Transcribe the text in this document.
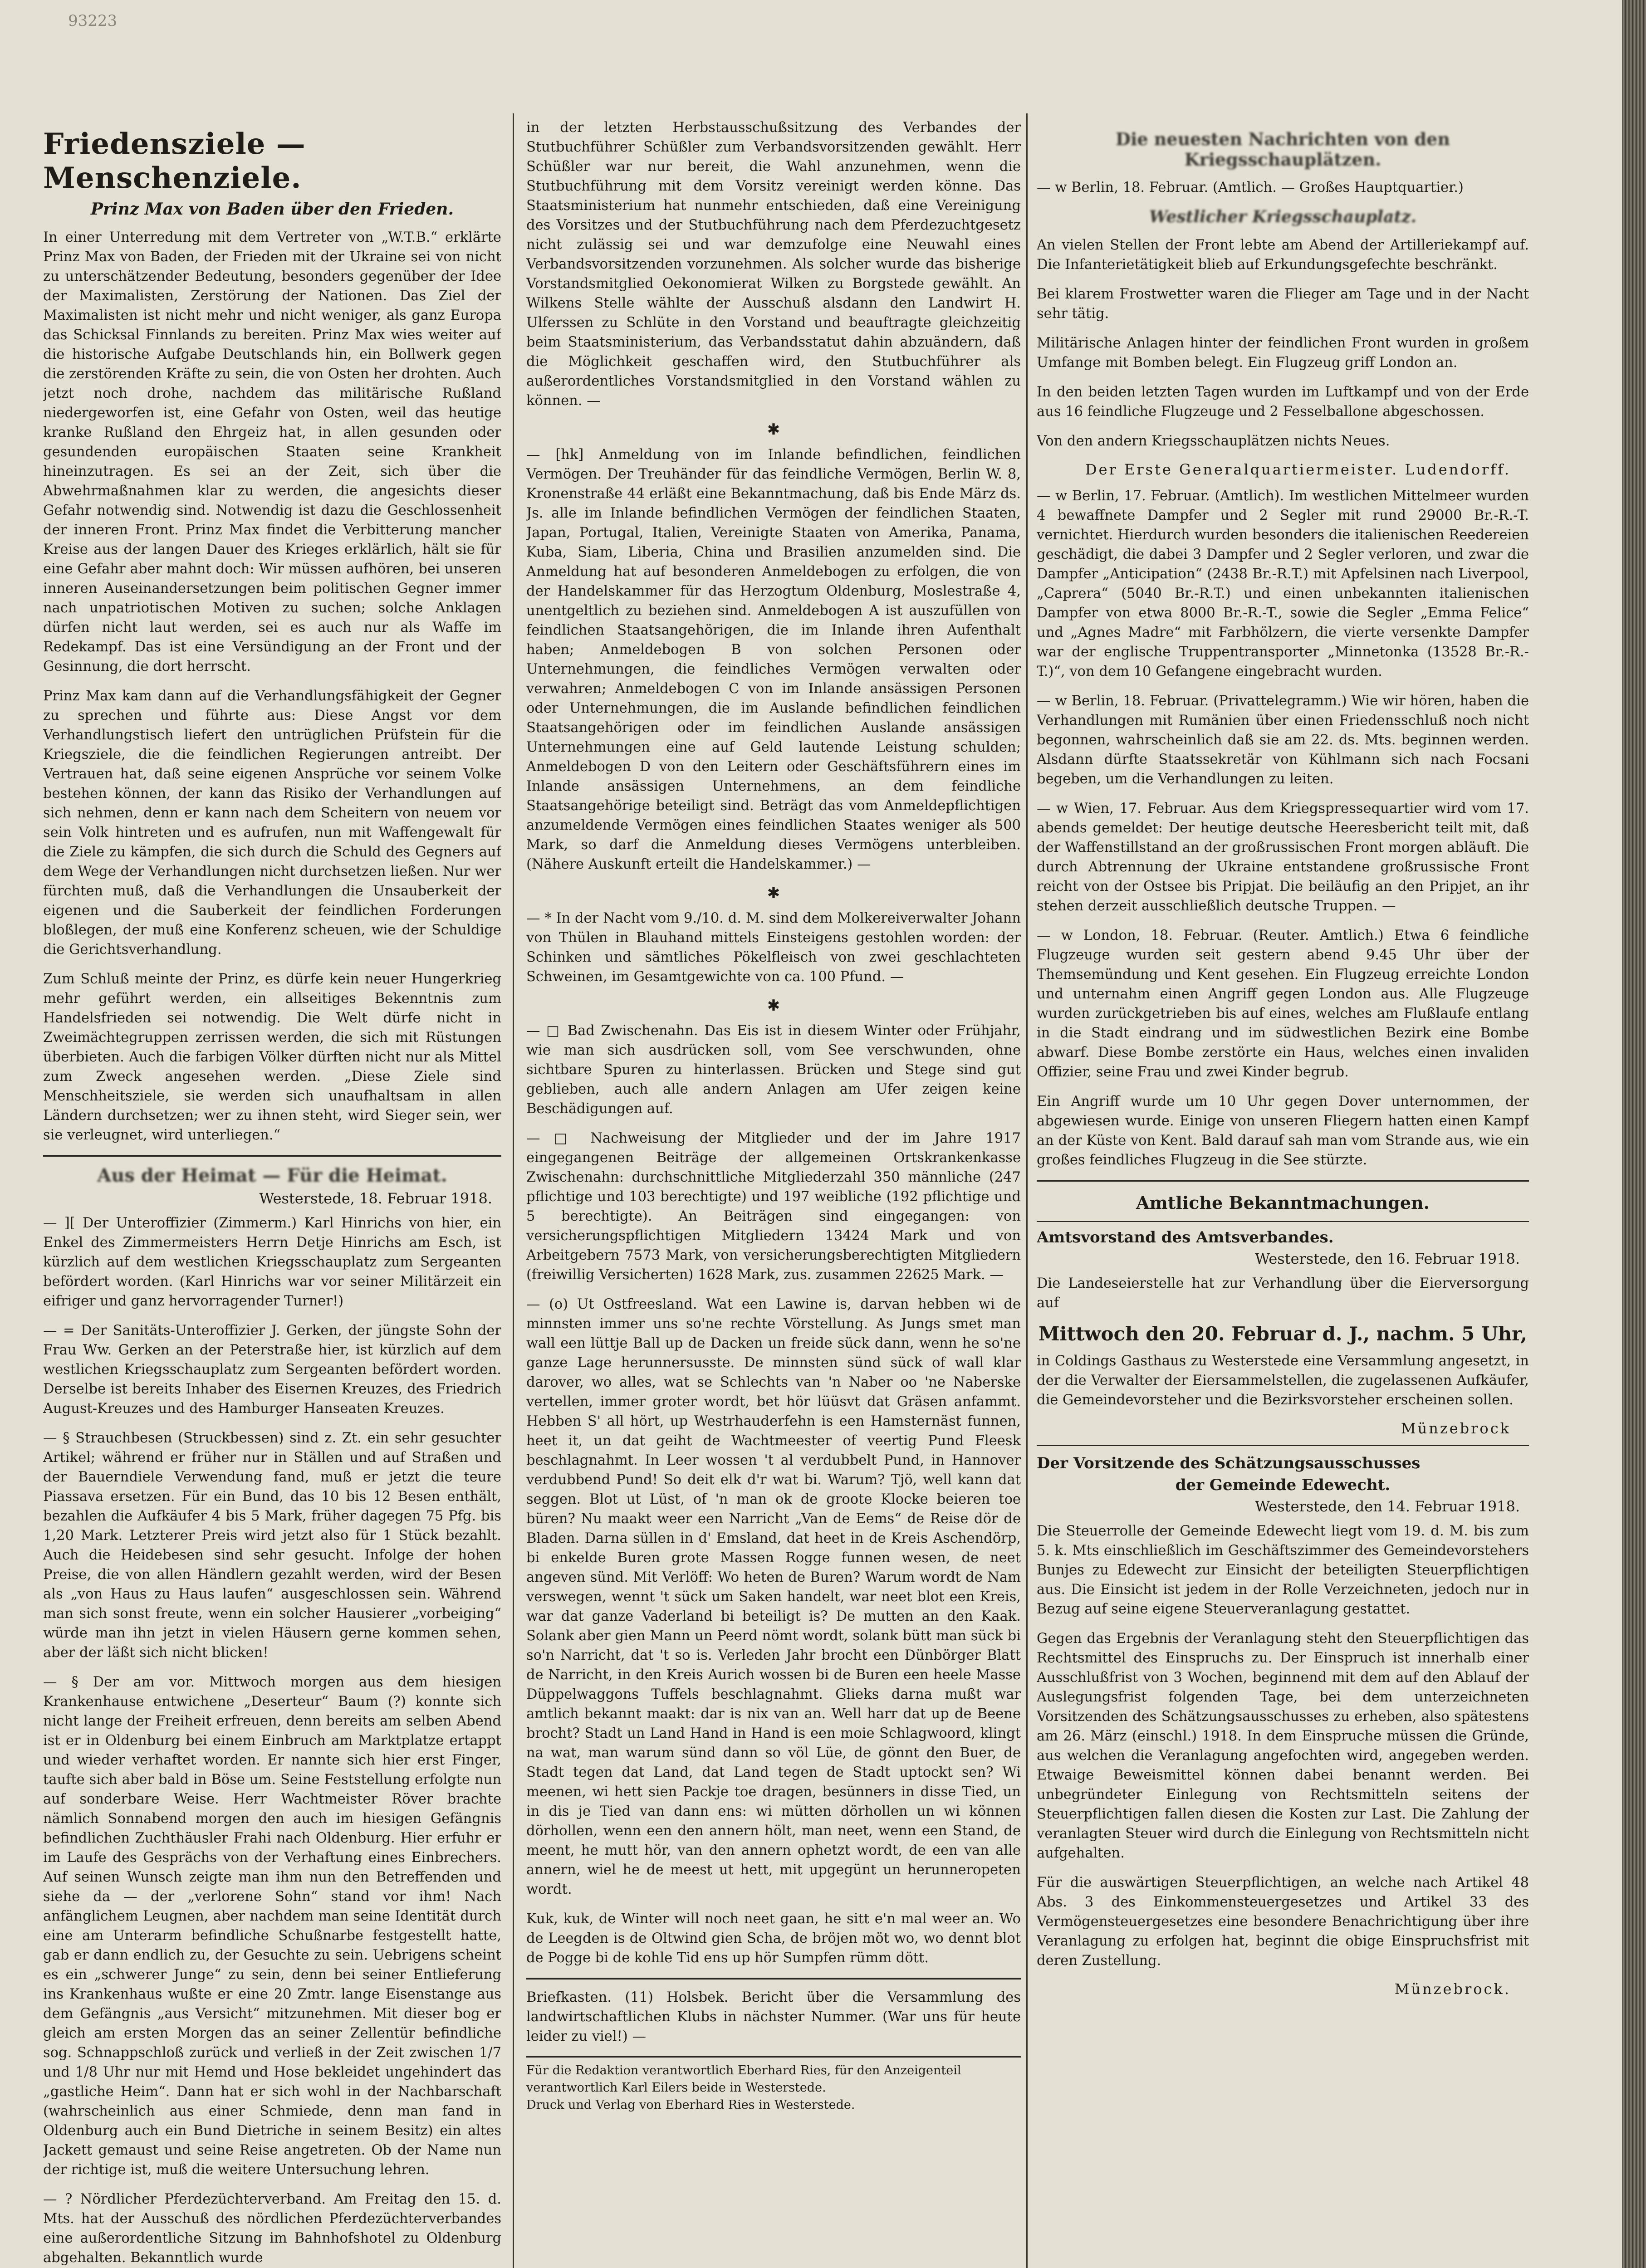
93223
Friedensziele — Menschenziele.
Prinz Max von Baden über den Frieden.

In einer Unterredung mit dem Vertreter von „W.T.B.“ erklärte Prinz Max von Baden, der Frieden mit der Ukraine sei von nicht zu unterschätzender Bedeutung, besonders gegenüber der Idee der Maximalisten, Zerstörung der Nationen. Das Ziel der Maximalisten ist nicht mehr und nicht weniger, als ganz Europa das Schicksal Finnlands zu bereiten. Prinz Max wies weiter auf die historische Aufgabe Deutschlands hin, ein Bollwerk gegen die zerstörenden Kräfte zu sein, die von Osten her drohten. Auch jetzt noch drohe, nachdem das militärische Rußland niedergeworfen ist, eine Gefahr von Osten, weil das heutige kranke Rußland den Ehrgeiz hat, in allen gesunden oder gesundenden europäischen Staaten seine Krankheit hineinzutragen. Es sei an der Zeit, sich über die Abwehrmaßnahmen klar zu werden, die angesichts dieser Gefahr notwendig sind. Notwendig ist dazu die Geschlossenheit der inneren Front. Prinz Max findet die Verbitterung mancher Kreise aus der langen Dauer des Krieges erklärlich, hält sie für eine Gefahr aber mahnt doch: Wir müssen aufhören, bei unseren inneren Auseinandersetzungen beim politischen Gegner immer nach unpatriotischen Motiven zu suchen; solche Anklagen dürfen nicht laut werden, sei es auch nur als Waffe im Redekampf. Das ist eine Versündigung an der Front und der Gesinnung, die dort herrscht.

Prinz Max kam dann auf die Verhandlungsfähigkeit der Gegner zu sprechen und führte aus: Diese Angst vor dem Verhandlungstisch liefert den untrüglichen Prüfstein für die Kriegsziele, die die feindlichen Regierungen antreibt. Der Vertrauen hat, daß seine eigenen Ansprüche vor seinem Volke bestehen können, der kann das Risiko der Verhandlungen auf sich nehmen, denn er kann nach dem Scheitern von neuem vor sein Volk hintreten und es aufrufen, nun mit Waffengewalt für die Ziele zu kämpfen, die sich durch die Schuld des Gegners auf dem Wege der Verhandlungen nicht durchsetzen ließen. Nur wer fürchten muß, daß die Verhandlungen die Unsauberkeit der eigenen und die Sauberkeit der feindlichen Forderungen bloßlegen, der muß eine Konferenz scheuen, wie der Schuldige die Gerichtsverhandlung.

Zum Schluß meinte der Prinz, es dürfe kein neuer Hungerkrieg mehr geführt werden, ein allseitiges Bekenntnis zum Handelsfrieden sei notwendig. Die Welt dürfe nicht in Zweimächtegruppen zerrissen werden, die sich mit Rüstungen überbieten. Auch die farbigen Völker dürften nicht nur als Mittel zum Zweck angesehen werden. „Diese Ziele sind Menschheitsziele, sie werden sich unaufhaltsam in allen Ländern durchsetzen; wer zu ihnen steht, wird Sieger sein, wer sie verleugnet, wird unterliegen.“

Aus der Heimat — Für die Heimat.
Westerstede, 18. Februar 1918.

— ][ Der Unteroffizier (Zimmerm.) Karl Hinrichs von hier, ein Enkel des Zimmermeisters Herrn Detje Hinrichs am Esch, ist kürzlich auf dem westlichen Kriegsschauplatz zum Sergeanten befördert worden. (Karl Hinrichs war vor seiner Militärzeit ein eifriger und ganz hervorragender Turner!)

— = Der Sanitäts-Unteroffizier J. Gerken, der jüngste Sohn der Frau Ww. Gerken an der Peterstraße hier, ist kürzlich auf dem westlichen Kriegsschauplatz zum Sergeanten befördert worden. Derselbe ist bereits Inhaber des Eisernen Kreuzes, des Friedrich August-Kreuzes und des Hamburger Hanseaten Kreuzes.

— § Strauchbesen (Struckbessen) sind z. Zt. ein sehr gesuchter Artikel; während er früher nur in Ställen und auf Straßen und der Bauerndiele Verwendung fand, muß er jetzt die teure Piassava ersetzen. Für ein Bund, das 10 bis 12 Besen enthält, bezahlen die Aufkäufer 4 bis 5 Mark, früher dagegen 75 Pfg. bis 1,20 Mark. Letzterer Preis wird jetzt also für 1 Stück bezahlt. Auch die Heidebesen sind sehr gesucht. Infolge der hohen Preise, die von allen Händlern gezahlt werden, wird der Besen als „von Haus zu Haus laufen“ ausgeschlossen sein. Während man sich sonst freute, wenn ein solcher Hausierer „vorbeiging“ würde man ihn jetzt in vielen Häusern gerne kommen sehen, aber der läßt sich nicht blicken!

— § Der am vor. Mittwoch morgen aus dem hiesigen Krankenhause entwichene „Deserteur“ Baum (?) konnte sich nicht lange der Freiheit erfreuen, denn bereits am selben Abend ist er in Oldenburg bei einem Einbruch am Marktplatze ertappt und wieder verhaftet worden. Er nannte sich hier erst Finger, taufte sich aber bald in Böse um. Seine Feststellung erfolgte nun auf sonderbare Weise. Herr Wachtmeister Röver brachte nämlich Sonnabend morgen den auch im hiesigen Gefängnis befindlichen Zuchthäusler Frahi nach Oldenburg. Hier erfuhr er im Laufe des Gesprächs von der Verhaftung eines Einbrechers. Auf seinen Wunsch zeigte man ihm nun den Betreffenden und siehe da — der „verlorene Sohn“ stand vor ihm! Nach anfänglichem Leugnen, aber nachdem man seine Identität durch eine am Unterarm befindliche Schußnarbe festgestellt hatte, gab er dann endlich zu, der Gesuchte zu sein. Uebrigens scheint es ein „schwerer Junge“ zu sein, denn bei seiner Entlieferung ins Krankenhaus wußte er eine 20 Zmtr. lange Eisenstange aus dem Gefängnis „aus Versicht“ mitzunehmen. Mit dieser bog er gleich am ersten Morgen das an seiner Zellentür befindliche sog. Schnappschloß zurück und verließ in der Zeit zwischen 1/7 und 1/8 Uhr nur mit Hemd und Hose bekleidet ungehindert das „gastliche Heim“. Dann hat er sich wohl in der Nachbarschaft (wahrscheinlich aus einer Schmiede, denn man fand in Oldenburg auch ein Bund Dietriche in seinem Besitz) ein altes Jackett gemaust und seine Reise angetreten. Ob der Name nun der richtige ist, muß die weitere Untersuchung lehren.

— ? Nördlicher Pferdezüchterverband. Am Freitag den 15. d. Mts. hat der Ausschuß des nördlichen Pferdezüchterverbandes eine außerordentliche Sitzung im Bahnhofshotel zu Oldenburg abgehalten. Bekanntlich wurde

in der letzten Herbstausschußsitzung des Verbandes der Stutbuchführer Schüßler zum Verbandsvorsitzenden gewählt. Herr Schüßler war nur bereit, die Wahl anzunehmen, wenn die Stutbuchführung mit dem Vorsitz vereinigt werden könne. Das Staatsministerium hat nunmehr entschieden, daß eine Vereinigung des Vorsitzes und der Stutbuchführung nach dem Pferdezuchtgesetz nicht zulässig sei und war demzufolge eine Neuwahl eines Verbandsvorsitzenden vorzunehmen. Als solcher wurde das bisherige Vorstandsmitglied Oekonomierat Wilken zu Borgstede gewählt. An Wilkens Stelle wählte der Ausschuß alsdann den Landwirt H. Ulferssen zu Schlüte in den Vorstand und beauftragte gleichzeitig beim Staatsministerium, das Verbandsstatut dahin abzuändern, daß die Möglichkeit geschaffen wird, den Stutbuchführer als außerordentliches Vorstandsmitglied in den Vorstand wählen zu können. —

✱

— [hk] Anmeldung von im Inlande befindlichen, feindlichen Vermögen. Der Treuhänder für das feindliche Vermögen, Berlin W. 8, Kronenstraße 44 erläßt eine Bekanntmachung, daß bis Ende März ds. Js. alle im Inlande befindlichen Vermögen der feindlichen Staaten, Japan, Portugal, Italien, Vereinigte Staaten von Amerika, Panama, Kuba, Siam, Liberia, China und Brasilien anzumelden sind. Die Anmeldung hat auf besonderen Anmeldebogen zu erfolgen, die von der Handelskammer für das Herzogtum Oldenburg, Moslestraße 4, unentgeltlich zu beziehen sind. Anmeldebogen A ist auszufüllen von feindlichen Staatsangehörigen, die im Inlande ihren Aufenthalt haben; Anmeldebogen B von solchen Personen oder Unternehmungen, die feindliches Vermögen verwalten oder verwahren; Anmeldebogen C von im Inlande ansässigen Personen oder Unternehmungen, die im Auslande befindlichen feindlichen Staatsangehörigen oder im feindlichen Auslande ansässigen Unternehmungen eine auf Geld lautende Leistung schulden; Anmeldebogen D von den Leitern oder Geschäftsführern eines im Inlande ansässigen Unternehmens, an dem feindliche Staatsangehörige beteiligt sind. Beträgt das vom Anmeldepflichtigen anzumeldende Vermögen eines feindlichen Staates weniger als 500 Mark, so darf die Anmeldung dieses Vermögens unterbleiben. (Nähere Auskunft erteilt die Handelskammer.) —

✱

— * In der Nacht vom 9./10. d. M. sind dem Molkereiverwalter Johann von Thülen in Blauhand mittels Einsteigens gestohlen worden: der Schinken und sämtliches Pökelfleisch von zwei geschlachteten Schweinen, im Gesamtgewichte von ca. 100 Pfund. —

✱

— □ Bad Zwischenahn. Das Eis ist in diesem Winter oder Frühjahr, wie man sich ausdrücken soll, vom See verschwunden, ohne sichtbare Spuren zu hinterlassen. Brücken und Stege sind gut geblieben, auch alle andern Anlagen am Ufer zeigen keine Beschädigungen auf.

— □ Nachweisung der Mitglieder und der im Jahre 1917 eingegangenen Beiträge der allgemeinen Ortskrankenkasse Zwischenahn: durchschnittliche Mitgliederzahl 350 männliche (247 pflichtige und 103 berechtigte) und 197 weibliche (192 pflichtige und 5 berechtigte). An Beiträgen sind eingegangen: von versicherungspflichtigen Mitgliedern 13424 Mark und von Arbeitgebern 7573 Mark, von versicherungsberechtigten Mitgliedern (freiwillig Versicherten) 1628 Mark, zus. zusammen 22625 Mark. —

— (o) Ut Ostfreesland. Wat een Lawine is, darvan hebben wi de minnsten immer uns so'ne rechte Vörstellung. As Jungs smet man wall een lüttje Ball up de Dacken un freide sück dann, wenn he so'ne ganze Lage herunnersusste. De minnsten sünd sück of wall klar darover, wo alles, wat se Schlechts van 'n Naber oo 'ne Naberske vertellen, immer groter wordt, bet hör lüüsvt dat Gräsen anfammt. Hebben S' all hört, up Westrhauderfehn is een Hamsternäst funnen, heet it, un dat geiht de Wachtmeester of veertig Pund Fleesk beschlagnahmt. In Leer wossen 't al verdubbelt Pund, in Hannover verdubbend Pund! So deit elk d'r wat bi. Warum? Tjö, well kann dat seggen. Blot ut Lüst, of 'n man ok de groote Klocke beieren toe büren? Nu maakt weer een Narricht „Van de Eems“ de Reise dör de Bladen. Darna süllen in d' Emsland, dat heet in de Kreis Aschendörp, bi enkelde Buren grote Massen Rogge funnen wesen, de neet angeven sünd. Mit Verlöff: Wo heten de Buren? Warum wordt de Nam verswegen, wennt 't sück um Saken handelt, war neet blot een Kreis, war dat ganze Vaderland bi beteiligt is? De mutten an den Kaak. Solank aber gien Mann un Peerd nömt wordt, solank bütt man sück bi so'n Narricht, dat 't so is. Verleden Jahr brocht een Dünbörger Blatt de Narricht, in den Kreis Aurich wossen bi de Buren een heele Masse Düppelwaggons Tuffels beschlagnahmt. Glieks darna mußt war amtlich bekannt maakt: dar is nix van an. Well harr dat up de Beene brocht? Stadt un Land Hand in Hand is een moie Schlagwoord, klingt na wat, man warum sünd dann so völ Lüe, de gönnt den Buer, de Stadt tegen dat Land, dat Land tegen de Stadt uptockt sen? Wi meenen, wi hett sien Packje toe dragen, besünners in disse Tied, un in dis je Tied van dann ens: wi mütten dörhollen un wi können dörhollen, wenn een den annern hölt, man neet, wenn een Stand, de meent, he mutt hör, van den annern ophetzt wordt, de een van alle annern, wiel he de meest ut hett, mit upgegünt un herunneropeten wordt.

Kuk, kuk, de Winter will noch neet gaan, he sitt e'n mal weer an. Wo de Leegden is de Oltwind gien Scha, de bröjen möt wo, wo dennt blot de Pogge bi de kohle Tid ens up hör Sumpfen rümm dött.

Briefkasten. (11) Holsbek. Bericht über die Versammlung des landwirtschaftlichen Klubs in nächster Nummer. (War uns für heute leider zu viel!) —

Für die Redaktion verantwortlich Eberhard Ries, für den Anzeigenteil verantwortlich Karl Eilers beide in Westerstede.
Druck und Verlag von Eberhard Ries in Westerstede.
Die neuesten Nachrichten von den Kriegsschauplätzen.

— w Berlin, 18. Februar. (Amtlich. — Großes Hauptquartier.)

Westlicher Kriegsschauplatz.

An vielen Stellen der Front lebte am Abend der Artilleriekampf auf. Die Infanterietätigkeit blieb auf Erkundungsgefechte beschränkt.

Bei klarem Frostwetter waren die Flieger am Tage und in der Nacht sehr tätig.

Militärische Anlagen hinter der feindlichen Front wurden in großem Umfange mit Bomben belegt. Ein Flugzeug griff London an.

In den beiden letzten Tagen wurden im Luftkampf und von der Erde aus 16 feindliche Flugzeuge und 2 Fesselballone abgeschossen.

Von den andern Kriegsschauplätzen nichts Neues.

Der Erste Generalquartiermeister. Ludendorff.

— w Berlin, 17. Februar. (Amtlich). Im westlichen Mittelmeer wurden 4 bewaffnete Dampfer und 2 Segler mit rund 29000 Br.-R.-T. vernichtet. Hierdurch wurden besonders die italienischen Reedereien geschädigt, die dabei 3 Dampfer und 2 Segler verloren, und zwar die Dampfer „Anticipation“ (2438 Br.-R.T.) mit Apfelsinen nach Liverpool, „Caprera“ (5040 Br.-R.T.) und einen unbekannten italienischen Dampfer von etwa 8000 Br.-R.-T., sowie die Segler „Emma Felice“ und „Agnes Madre“ mit Farbhölzern, die vierte versenkte Dampfer war der englische Truppentransporter „Minnetonka (13528 Br.-R.-T.)“, von dem 10 Gefangene eingebracht wurden.

— w Berlin, 18. Februar. (Privattelegramm.) Wie wir hören, haben die Verhandlungen mit Rumänien über einen Friedensschluß noch nicht begonnen, wahrscheinlich daß sie am 22. ds. Mts. beginnen werden. Alsdann dürfte Staatssekretär von Kühlmann sich nach Focsani begeben, um die Verhandlungen zu leiten.

— w Wien, 17. Februar. Aus dem Kriegspressequartier wird vom 17. abends gemeldet: Der heutige deutsche Heeresbericht teilt mit, daß der Waffenstillstand an der großrussischen Front morgen abläuft. Die durch Abtrennung der Ukraine entstandene großrussische Front reicht von der Ostsee bis Pripjat. Die beiläufig an den Pripjet, an ihr stehen derzeit ausschließlich deutsche Truppen. —

— w London, 18. Februar. (Reuter. Amtlich.) Etwa 6 feindliche Flugzeuge wurden seit gestern abend 9.45 Uhr über der Themsemündung und Kent gesehen. Ein Flugzeug erreichte London und unternahm einen Angriff gegen London aus. Alle Flugzeuge wurden zurückgetrieben bis auf eines, welches am Flußlaufe entlang in die Stadt eindrang und im südwestlichen Bezirk eine Bombe abwarf. Diese Bombe zerstörte ein Haus, welches einen invaliden Offizier, seine Frau und zwei Kinder begrub.

Ein Angriff wurde um 10 Uhr gegen Dover unternommen, der abgewiesen wurde. Einige von unseren Fliegern hatten einen Kampf an der Küste von Kent. Bald darauf sah man vom Strande aus, wie ein großes feindliches Flugzeug in die See stürzte.

Amtliche Bekanntmachungen.
Amtsvorstand des Amtsverbandes.
Westerstede, den 16. Februar 1918.

Die Landeseierstelle hat zur Verhandlung über die Eierversorgung auf

Mittwoch den 20. Februar d. J., nachm. 5 Uhr,

in Coldings Gasthaus zu Westerstede eine Versammlung angesetzt, in der die Verwalter der Eiersammelstellen, die zugelassenen Aufkäufer, die Gemeindevorsteher und die Bezirksvorsteher erscheinen sollen.

Münzebrock
Der Vorsitzende des Schätzungsausschusses
der Gemeinde Edewecht.
Westerstede, den 14. Februar 1918.

Die Steuerrolle der Gemeinde Edewecht liegt vom 19. d. M. bis zum 5. k. Mts einschließlich im Geschäftszimmer des Gemeindevorstehers Bunjes zu Edewecht zur Einsicht der beteiligten Steuerpflichtigen aus. Die Einsicht ist jedem in der Rolle Verzeichneten, jedoch nur in Bezug auf seine eigene Steuerveranlagung gestattet.

Gegen das Ergebnis der Veranlagung steht den Steuerpflichtigen das Rechtsmittel des Einspruchs zu. Der Einspruch ist innerhalb einer Ausschlußfrist von 3 Wochen, beginnend mit dem auf den Ablauf der Auslegungsfrist folgenden Tage, bei dem unterzeichneten Vorsitzenden des Schätzungsausschusses zu erheben, also spätestens am 26. März (einschl.) 1918. In dem Einspruche müssen die Gründe, aus welchen die Veranlagung angefochten wird, angegeben werden. Etwaige Beweismittel können dabei benannt werden. Bei unbegründeter Einlegung von Rechtsmitteln seitens der Steuerpflichtigen fallen diesen die Kosten zur Last. Die Zahlung der veranlagten Steuer wird durch die Einlegung von Rechtsmitteln nicht aufgehalten.

Für die auswärtigen Steuerpflichtigen, an welche nach Artikel 48 Abs. 3 des Einkommensteuergesetzes und Artikel 33 des Vermögensteuergesetzes eine besondere Benachrichtigung über ihre Veranlagung zu erfolgen hat, beginnt die obige Einspruchsfrist mit deren Zustellung.

Münzebrock.
